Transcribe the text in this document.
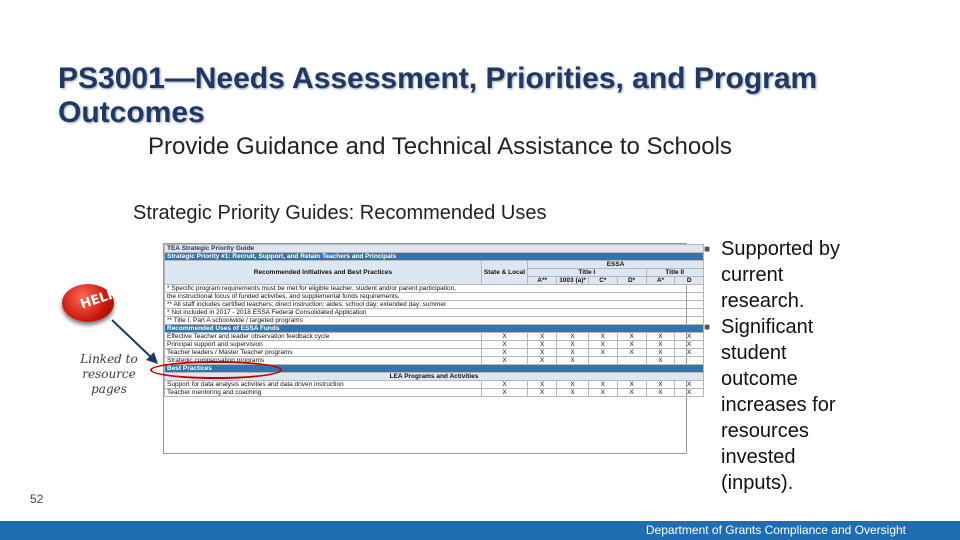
PS3001—Needs Assessment, Priorities, and Program Outcomes
Provide Guidance and Technical Assistance to Schools
Strategic Priority Guides: Recommended Uses
HELP
Linked to resource pages
TEA Strategic Priority Guide							
Strategic Priority #1: Recruit, Support, and Retain Teachers and Principals							
Recommended Initiatives and Best Practices	State & Local	ESSA					
		Title I				Title II	
		A**	1003 (a)*	C*	D*	A*	D
* Specific program requirements must be met for eligible teacher, student and/or parent participation,							
the instructional focus of funded activities, and supplemental funds requirements.							
** All staff includes certified teachers; direct instruction; aides; school day; extended day; summer							
* Not included in 2017 - 2018 ESSA Federal Consolidated Application							
** Title I, Part A schoolwide / targeted programs							
Recommended Uses of ESSA Funds							
Effective Teacher and leader observation feedback cycle	X	X	X	X	X	X	X
Principal support and supervision	X	X	X	X	X	X	X
Teacher leaders / Master Teacher programs	X	X	X	X	X	X	X
Strategic compensation programs	X	X	X			X	
Best Practices							
LEA Programs and Activities							
Support for data analysis activities and data driven instruction	X	X	X	X	X	X	X
Teacher mentoring and coaching	X	X	X	X	X	X	X
■ Supported by current research.
■ Significant student outcome increases for resources invested (inputs).
52
Department of Grants Compliance and Oversight
